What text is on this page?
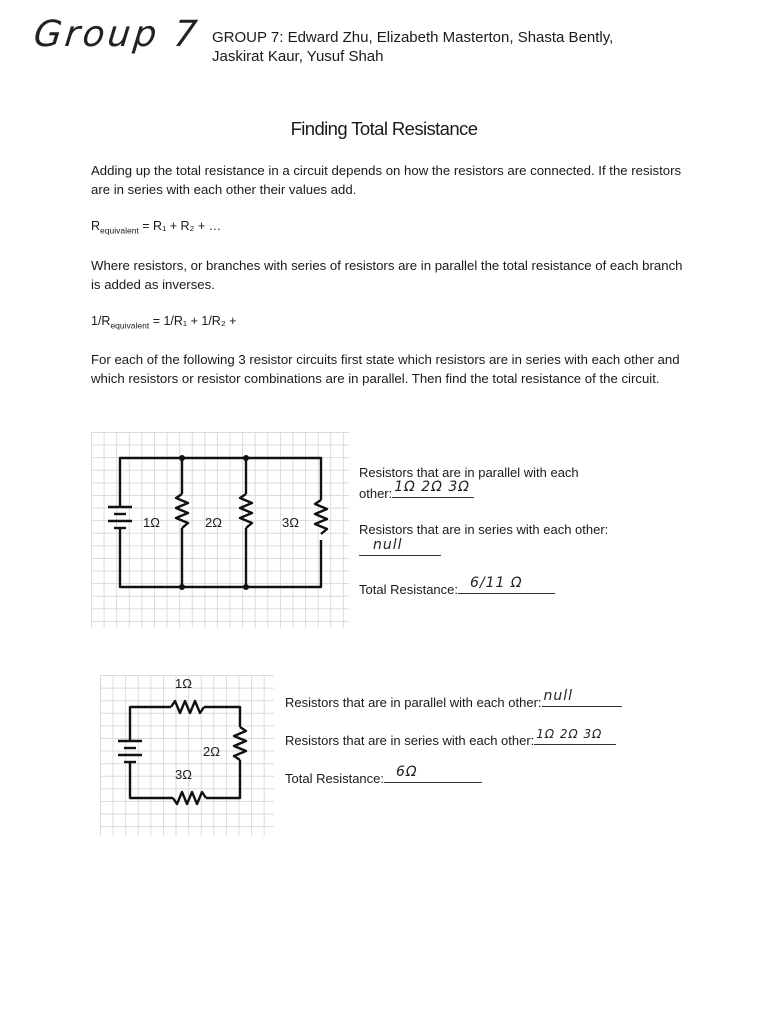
Group 7 GROUP 7: Edward Zhu, Elizabeth Masterton, Shasta Bently,
Jaskirat Kaur, Yusuf Shah
Finding Total Resistance
Adding up the total resistance in a circuit depends on how the resistors are connected. If the resistors are in series with each other their values add.
$R_{equivalent} = R_1 + R_2$ + …
Where resistors, or branches with series of resistors are in parallel the total resistance of each branch is added as inverses.
$1/R_{equivalent} = 1/R_1 + 1/R_2$ +
For each of the following 3 resistor circuits first state which resistors are in series with each other and which resistors or resistor combinations are in parallel. Then find the total resistance of the circuit.
1Ω	2Ω	3Ω
Resistors that are in parallel with each
other: 1Ω 2Ω 3Ω
Resistors that are in series with each other:
null
Total Resistance: 6/11 Ω
1Ω
2Ω
3Ω
Resistors that are in parallel with each other: null
Resistors that are in series with each other: 1Ω 2Ω 3Ω
Total Resistance: 6Ω
